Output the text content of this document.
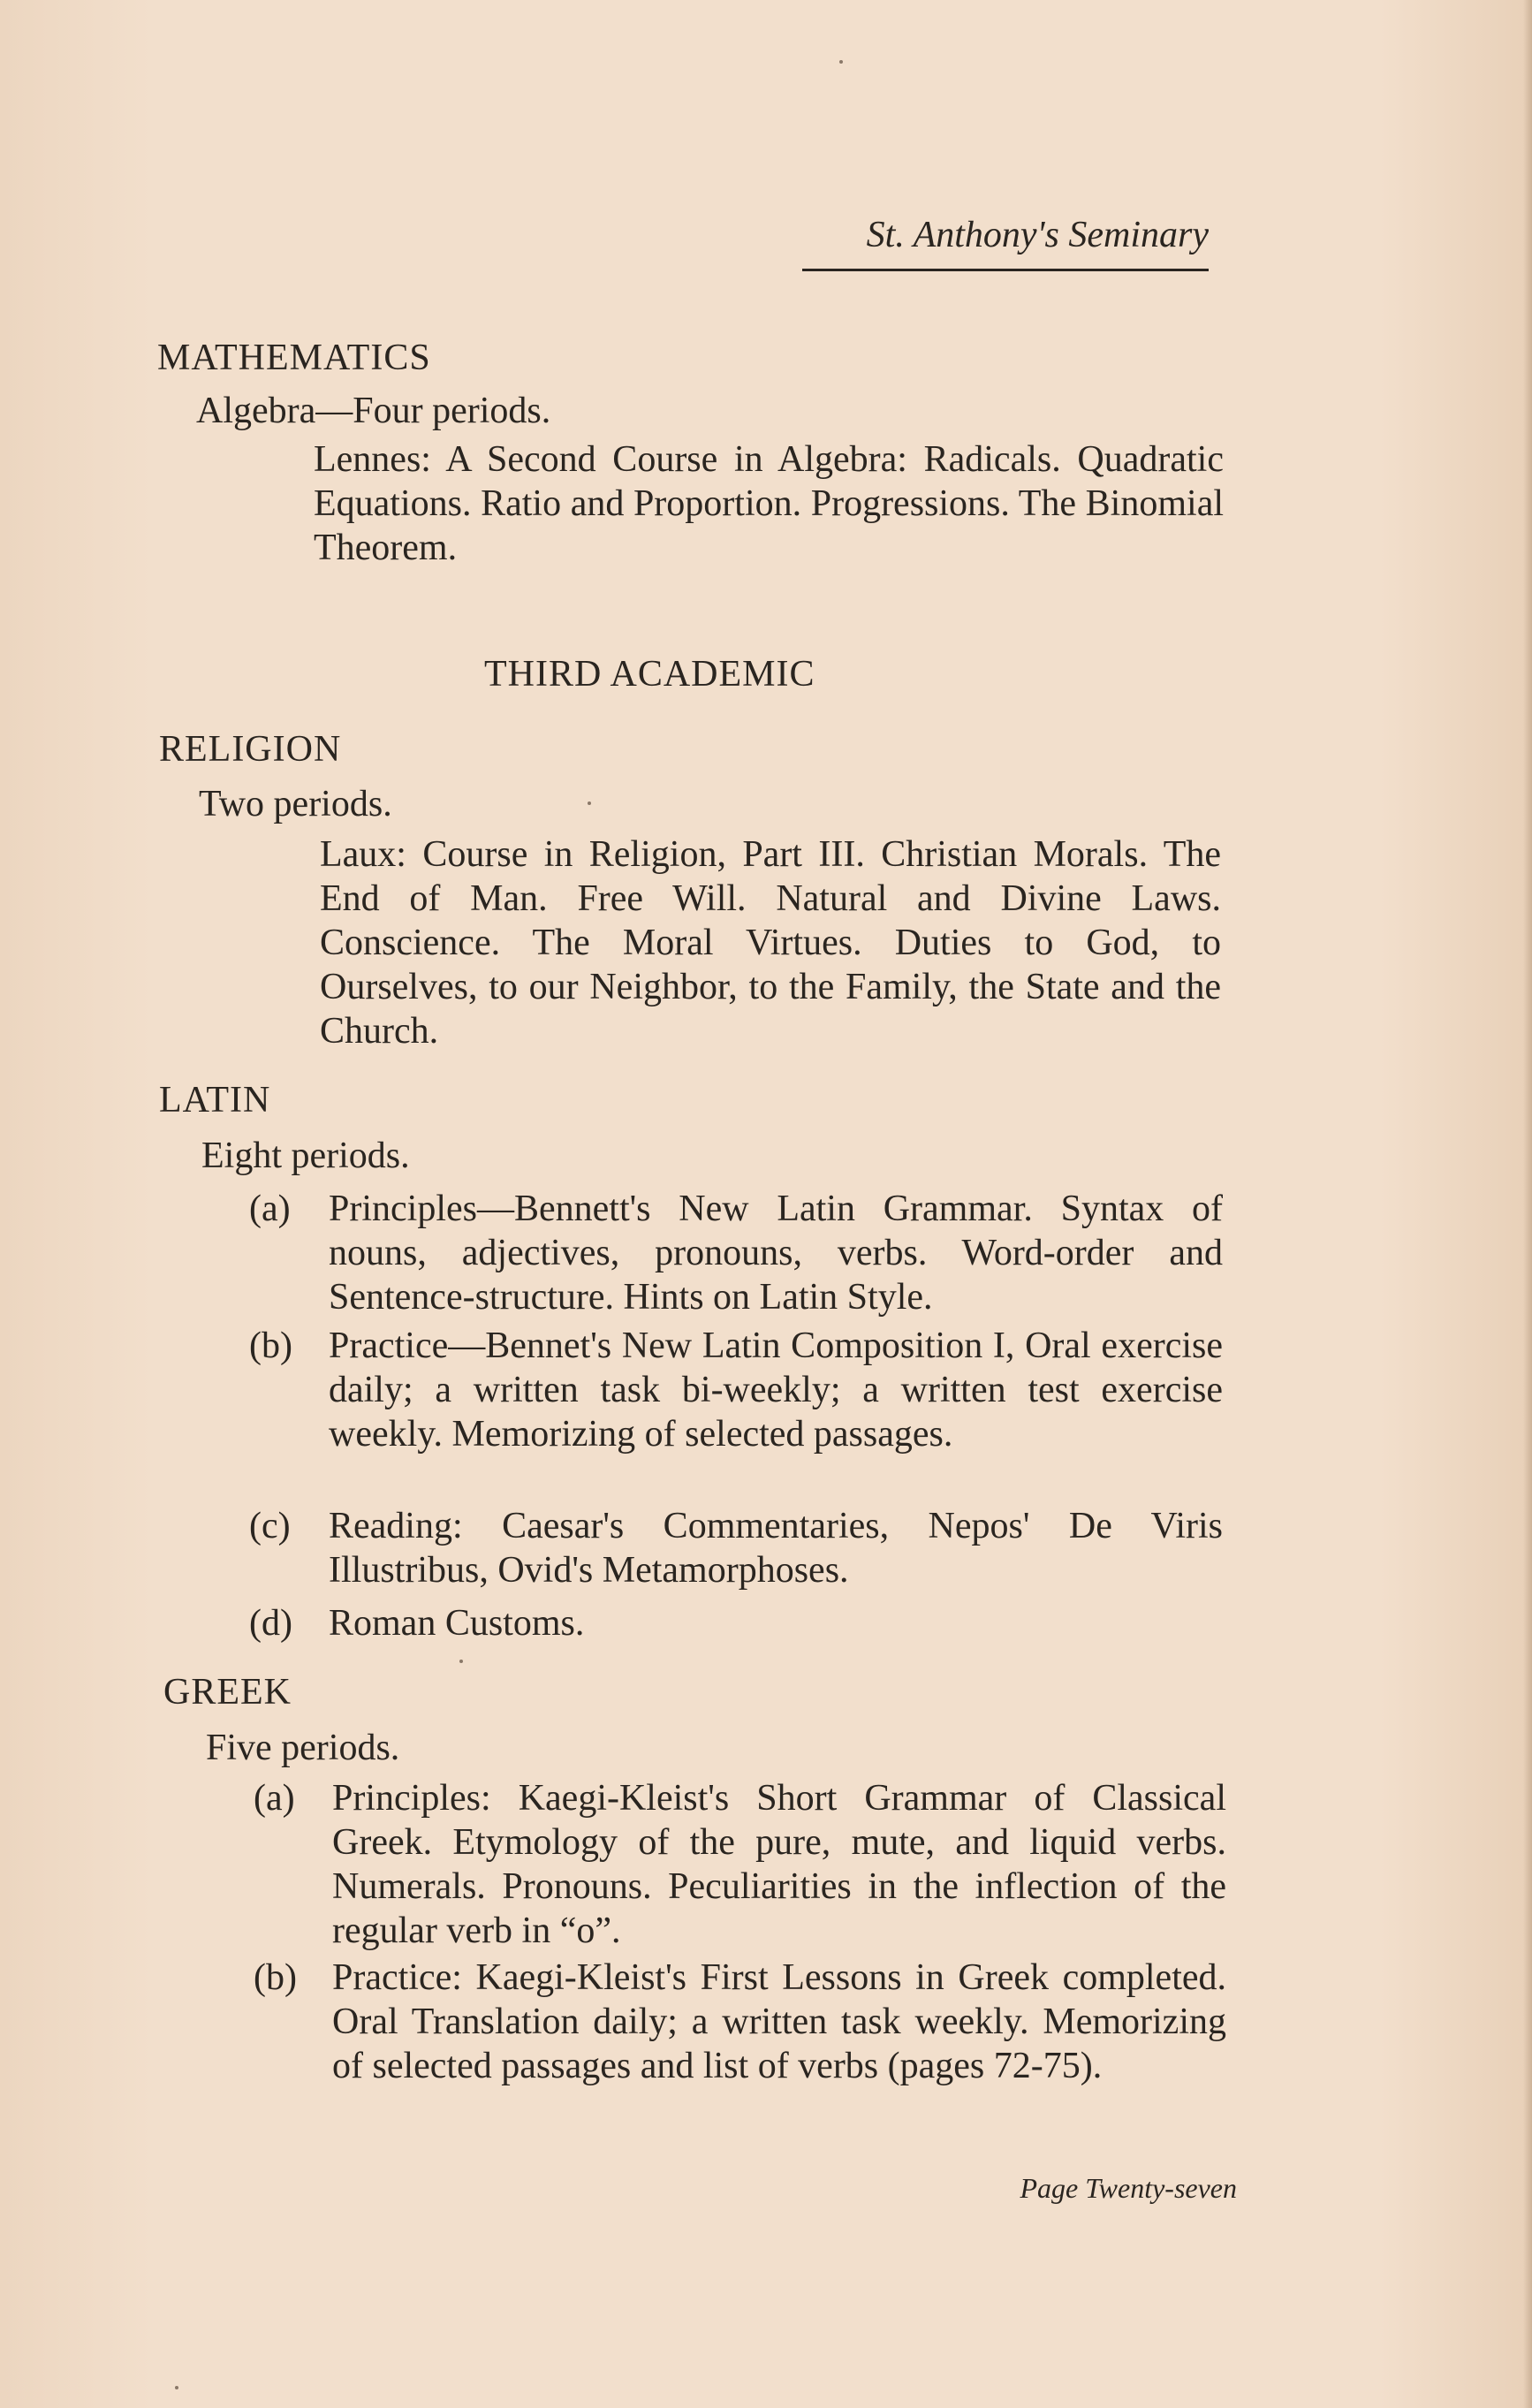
St. Anthony's Seminary
MATHEMATICS
Algebra—Four periods.
Lennes: A Second Course in Algebra: Radicals. Quadratic Equations. Ratio and Proportion. Progressions. The Binomial Theorem.
THIRD ACADEMIC
RELIGION
Two periods.
Laux: Course in Religion, Part III. Christian Morals. The End of Man. Free Will. Natural and Divine Laws. Conscience. The Moral Virtues. Duties to God, to Ourselves, to our Neighbor, to the Family, the State and the Church.
LATIN
Eight periods.
(a) Principles—Bennett's New Latin Grammar. Syntax of nouns, adjectives, pronouns, verbs. Word-order and Sentence-structure. Hints on Latin Style.
(b) Practice—Bennet's New Latin Composition I, Oral exercise daily; a written task bi-weekly; a written test exercise weekly. Memorizing of selected passages.
(c) Reading: Caesar's Commentaries, Nepos' De Viris Illustribus, Ovid's Metamorphoses.
(d) Roman Customs.
GREEK
Five periods.
(a) Principles: Kaegi-Kleist's Short Grammar of Classical Greek. Etymology of the pure, mute, and liquid verbs. Numerals. Pronouns. Peculiarities in the inflection of the regular verb in “o”.
(b) Practice: Kaegi-Kleist's First Lessons in Greek completed. Oral Translation daily; a written task weekly. Memorizing of selected passages and list of verbs (pages 72-75).
Page Twenty-seven
